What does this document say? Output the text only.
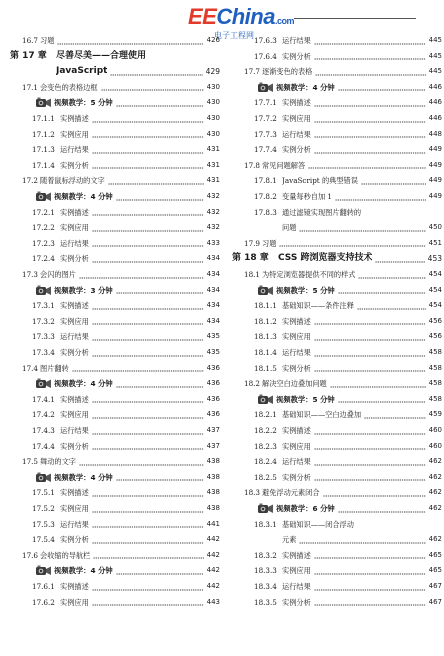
EEChina.com
电子工程网
16.7 习题	426
第 17 章 尽善尽美——合理使用
JavaScript	429
17.1 会变色的表格边框	430
视频教学：5 分钟	430
17.1.1 实例描述	430
17.1.2 实例应用	430
17.1.3 运行结果	431
17.1.4 实例分析	431
17.2 随着鼠标浮动的文字	431
视频教学：4 分钟	432
17.2.1 实例描述	432
17.2.2 实例应用	432
17.2.3 运行结果	433
17.2.4 实例分析	434
17.3 会闪的图片	434
视频教学：3 分钟	434
17.3.1 实例描述	434
17.3.2 实例应用	434
17.3.3 运行结果	435
17.3.4 实例分析	435
17.4 图片翻转	436
视频教学：4 分钟	436
17.4.1 实例描述	436
17.4.2 实例应用	436
17.4.3 运行结果	437
17.4.4 实例分析	437
17.5 舞动的文字	438
视频教学：4 分钟	438
17.5.1 实例描述	438
17.5.2 实例应用	438
17.5.3 运行结果	441
17.5.4 实例分析	442
17.6 会收缩的导航栏	442
视频教学：4 分钟	442
17.6.1 实例描述	442
17.6.2 实例应用	443
17.6.3 运行结果	445
17.6.4 实例分析	445
17.7 逐渐变色的表格	445
视频教学：4 分钟	446
17.7.1 实例描述	446
17.7.2 实例应用	446
17.7.3 运行结果	448
17.7.4 实例分析	449
17.8 常见问题解答	449
17.8.1 JavaScript 的典型错误	449
17.8.2 变量每秒自加 1	449
17.8.3 通过滤镜实现图片翻转的
问题	450
17.9 习题	451
第 18 章 CSS 跨浏览器支持技术	453
18.1 为特定浏览器提供不同的样式	454
视频教学：5 分钟	454
18.1.1 基础知识——条件注释	454
18.1.2 实例描述	456
18.1.3 实例应用	456
18.1.4 运行结果	458
18.1.5 实例分析	458
18.2 解决空白边叠加问题	458
视频教学：5 分钟	458
18.2.1 基础知识——空白边叠加	459
18.2.2 实例描述	460
18.2.3 实例应用	460
18.2.4 运行结果	462
18.2.5 实例分析	462
18.3 避免浮动元素闭合	462
视频教学：6 分钟	462
18.3.1 基础知识——闭合浮动
元素	462
18.3.2 实例描述	465
18.3.3 实例应用	465
18.3.4 运行结果	467
18.3.5 实例分析	467
